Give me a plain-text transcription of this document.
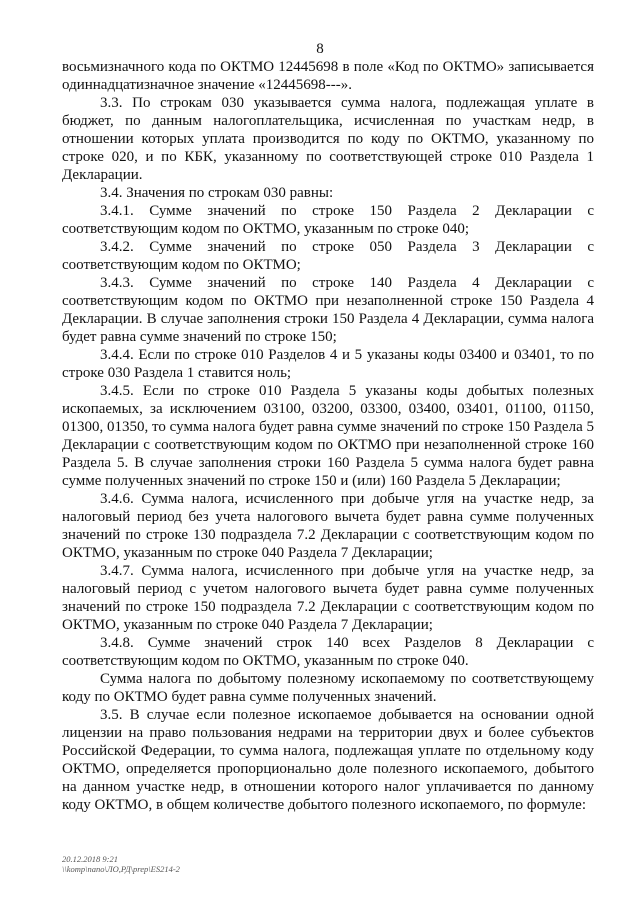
8

восьмизначного кода по ОКТМО 12445698 в поле «Код по ОКТМО» записывается одиннадцатизначное значение «12445698---».

3.3. По строкам 030 указывается сумма налога, подлежащая уплате в бюджет, по данным налогоплательщика, исчисленная по участкам недр, в отношении которых уплата производится по коду по ОКТМО, указанному по строке 020, и по КБК, указанному по соответствующей строке 010 Раздела 1 Декларации.

3.4. Значения по строкам 030 равны:

3.4.1. Сумме значений по строке 150 Раздела 2 Декларации с соответствующим кодом по ОКТМО, указанным по строке 040;

3.4.2. Сумме значений по строке 050 Раздела 3 Декларации с соответствующим кодом по ОКТМО;

3.4.3. Сумме значений по строке 140 Раздела 4 Декларации с соответствующим кодом по ОКТМО при незаполненной строке 150 Раздела 4 Декларации. В случае заполнения строки 150 Раздела 4 Декларации, сумма налога будет равна сумме значений по строке 150;

3.4.4. Если по строке 010 Разделов 4 и 5 указаны коды 03400 и 03401, то по строке 030 Раздела 1 ставится ноль;

3.4.5. Если по строке 010 Раздела 5 указаны коды добытых полезных ископаемых, за исключением 03100, 03200, 03300, 03400, 03401, 01100, 01150, 01300, 01350, то сумма налога будет равна сумме значений по строке 150 Раздела 5 Декларации с соответствующим кодом по ОКТМО при незаполненной строке 160 Раздела 5. В случае заполнения строки 160 Раздела 5 сумма налога будет равна сумме полученных значений по строке 150 и (или) 160 Раздела 5 Декларации;

3.4.6. Сумма налога, исчисленного при добыче угля на участке недр, за налоговый период без учета налогового вычета будет равна сумме полученных значений по строке 130 подраздела 7.2 Декларации с соответствующим кодом по ОКТМО, указанным по строке 040 Раздела 7 Декларации;

3.4.7. Сумма налога, исчисленного при добыче угля на участке недр, за налоговый период с учетом налогового вычета будет равна сумме полученных значений по строке 150 подраздела 7.2 Декларации с соответствующим кодом по ОКТМО, указанным по строке 040 Раздела 7 Декларации;

3.4.8. Сумме значений строк 140 всех Разделов 8 Декларации с соответствующим кодом по ОКТМО, указанным по строке 040.

Сумма налога по добытому полезному ископаемому по соответствующему коду по ОКТМО будет равна сумме полученных значений.

3.5. В случае если полезное ископаемое добывается на основании одной лицензии на право пользования недрами на территории двух и более субъектов Российской Федерации, то сумма налога, подлежащая уплате по отдельному коду ОКТМО, определяется пропорционально доле полезного ископаемого, добытого на данном участке недр, в отношении которого налог уплачивается по данному коду ОКТМО, в общем количестве добытого полезного ископаемого, по формуле:

20.12.2018 9:21
\\komp\nano\ЛО,РД\prep\ES214-2
